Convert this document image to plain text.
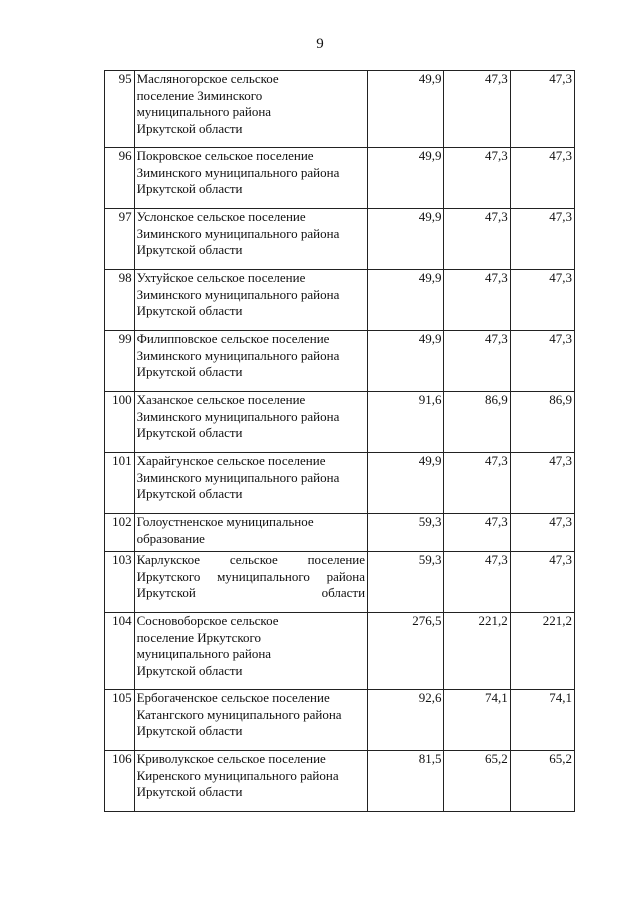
9
95	Масляногорское сельское поселение Зиминского муниципального района Иркутской области	49,9	47,3	47,3
96	Покровское сельское поселение Зиминского муниципального района Иркутской области	49,9	47,3	47,3
97	Услонское сельское поселение Зиминского муниципального района Иркутской области	49,9	47,3	47,3
98	Ухтуйское сельское поселение Зиминского муниципального района Иркутской области	49,9	47,3	47,3
99	Филипповское сельское поселение Зиминского муниципального района Иркутской области	49,9	47,3	47,3
100	Хазанское сельское поселение Зиминского муниципального района Иркутской области	91,6	86,9	86,9
101	Харайгунское сельское поселение Зиминского муниципального района Иркутской области	49,9	47,3	47,3
102	Голоустненское муниципальное образование	59,3	47,3	47,3
103	Карлукское сельское поселение Иркутского муниципального района Иркутской области	59,3	47,3	47,3
104	Сосновоборское сельское поселение Иркутского муниципального района Иркутской области	276,5	221,2	221,2
105	Ербогаченское сельское поселение Катангского муниципального района Иркутской области	92,6	74,1	74,1
106	Криволукское сельское поселение Киренского муниципального района Иркутской области	81,5	65,2	65,2
